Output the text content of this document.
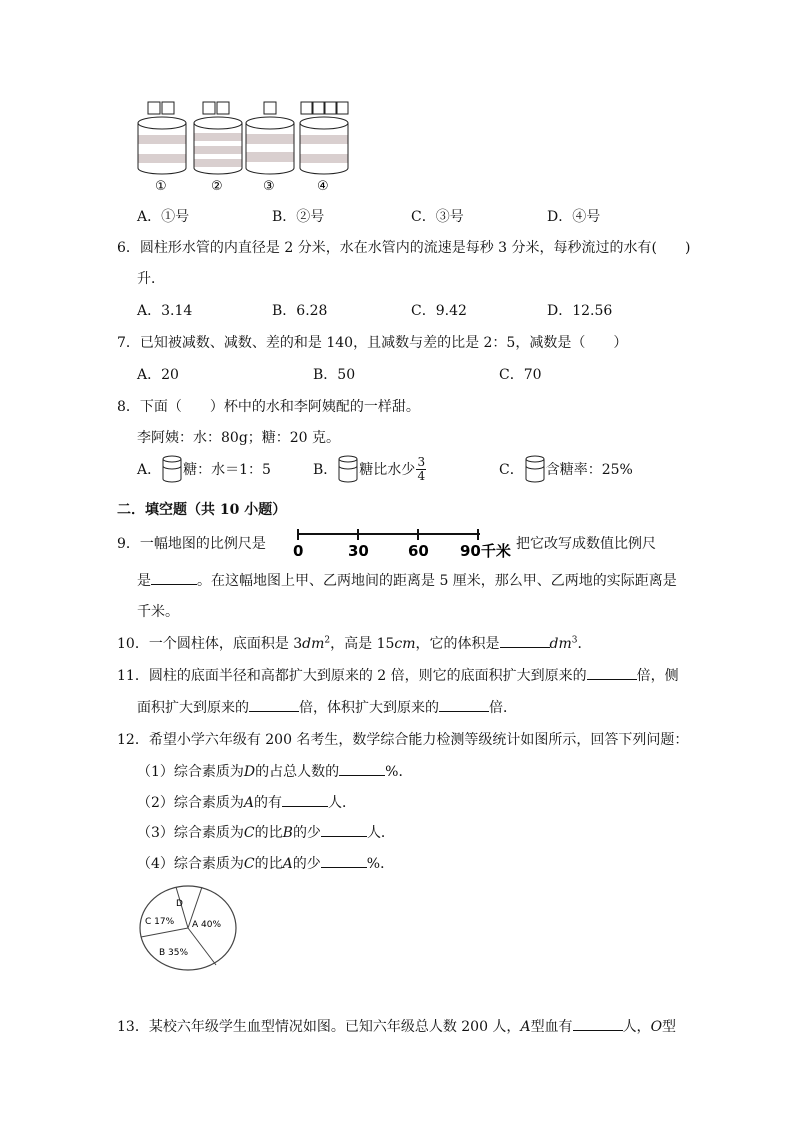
①	②	③	④
A．①号	B．②号	C．③号	D．④号
6．圆柱形水管的内直径是 2 分米，水在水管内的流速是每秒 3 分米，每秒流过的水有(　　)
升．
A．3.14	B．6.28	C．9.42	D．12.56
7．已知被减数、减数、差的和是 140，且减数与差的比是 2：5，减数是（　　）
A．20	B．50	C．70
8．下面（　　）杯中的水和李阿姨配的一样甜。
李阿姨：水：80g；糖：20 克。
A． 糖：水＝1：5	B． 糖比水少 $\frac{3}{4}$	C． 含糖率：25%
二．填空题（共 10 小题）
9．一幅地图的比例尺是 0	30	60 90千米 把它改写成数值比例尺
是	。在这幅地图上甲、乙两地间的距离是 5 厘米，那么甲、乙两地的实际距离是
千米。
10．一个圆柱体，底面积是 $3dm^2$，高是 15cm，它的体积是	$dm^3$．
11．圆柱的底面半径和高都扩大到原来的 2 倍，则它的底面积扩大到原来的	倍，侧
面积扩大到原来的	倍，体积扩大到原来的	倍．
12．希望小学六年级有 200 名考生，数学综合能力检测等级统计如图所示，回答下列问题：
（1）综合素质为D的占总人数的	%．
（2）综合素质为A的有	人．
（3）综合素质为C的比B的少	人．
（4）综合素质为C的比A的少	%．
D
A 40%
B 35%
C 17%
13．某校六年级学生血型情况如图。已知六年级总人数 200 人，A型血有	人，O型
